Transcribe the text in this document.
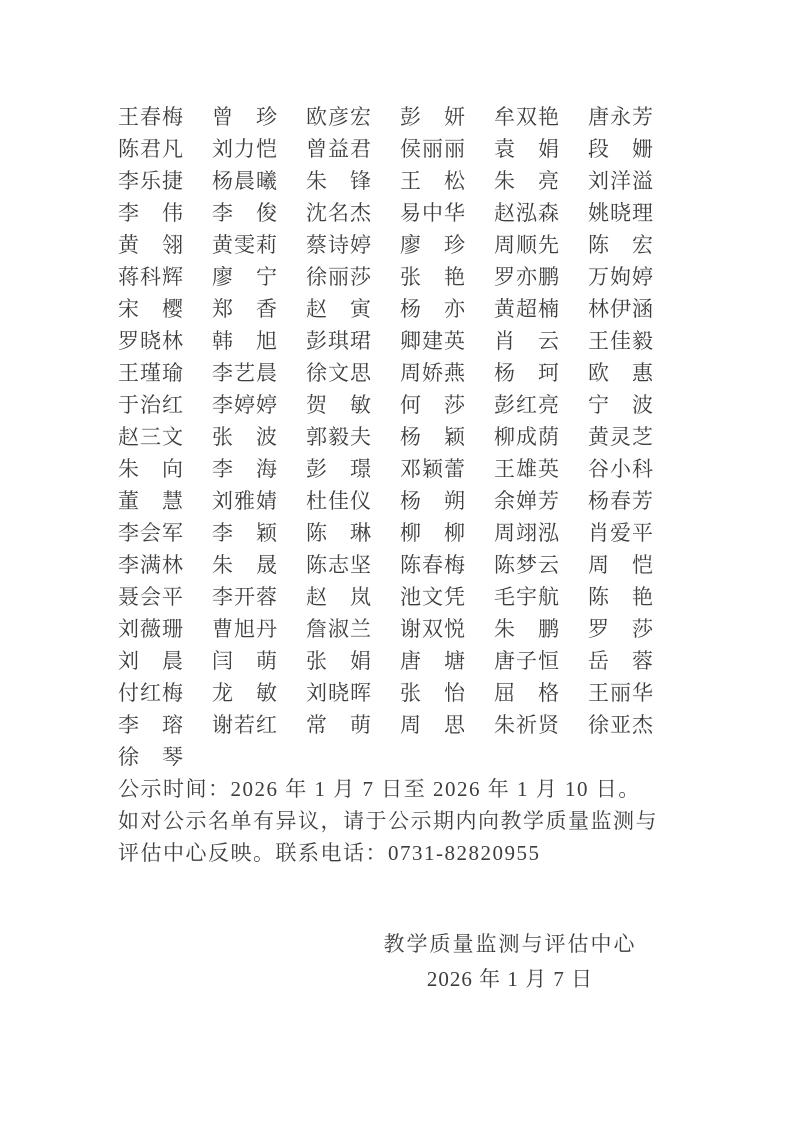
王 春 梅 曾 珍 欧 彦 宏 彭 妍 牟 双 艳 唐 永 芳
陈 君 凡 刘 力 恺 曾 益 君 侯 丽 丽 袁 娟 段 姗
李 乐 捷 杨 晨 曦 朱 锋 王 松 朱 亮 刘 洋 溢
李 伟 李 俊 沈 名 杰 易 中 华 赵 泓 森 姚 晓 理
黄 翎 黄 雯 莉 蔡 诗 婷 廖 珍 周 顺 先 陈 宏
蒋 科 辉 廖 宁 徐 丽 莎 张 艳 罗 亦 鹏 万 姁 婷
宋 樱 郑 香 赵 寅 杨 亦 黄 超 楠 林 伊 涵
罗 晓 林 韩 旭 彭 琪 珺 卿 建 英 肖 云 王 佳 毅
王 瑾 瑜 李 艺 晨 徐 文 思 周 娇 燕 杨 珂 欧 惠
于 治 红 李 婷 婷 贺 敏 何 莎 彭 红 亮 宁 波
赵 三 文 张 波 郭 毅 夫 杨 颖 柳 成 荫 黄 灵 芝
朱 向 李 海 彭 璟 邓 颖 蕾 王 雄 英 谷 小 科
董 慧 刘 雅 婧 杜 佳 仪 杨 朔 余 婵 芳 杨 春 芳
李 会 军 李 颖 陈 琳 柳 柳 周 翊 泓 肖 爱 平
李 满 林 朱 晟 陈 志 坚 陈 春 梅 陈 梦 云 周 恺
聂 会 平 李 开 蓉 赵 岚 池 文 凭 毛 宇 航 陈 艳
刘 薇 珊 曹 旭 丹 詹 淑 兰 谢 双 悦 朱 鹏 罗 莎
刘 晨 闫 萌 张 娟 唐 塘 唐 子 恒 岳 蓉
付 红 梅 龙 敏 刘 晓 晖 张 怡 屈 格 王 丽 华
李 瑢 谢 若 红 常 萌 周 思 朱 祈 贤 徐 亚 杰
徐 琴
公示时间：2026 年 1 月 7 日至 2026 年 1 月 10 日。
如对公示名单有异议，请于公示期内向教学质量监测与
评估中心反映。联系电话：0731-82820955
教学质量监测与评估中心
2026 年 1 月 7 日
